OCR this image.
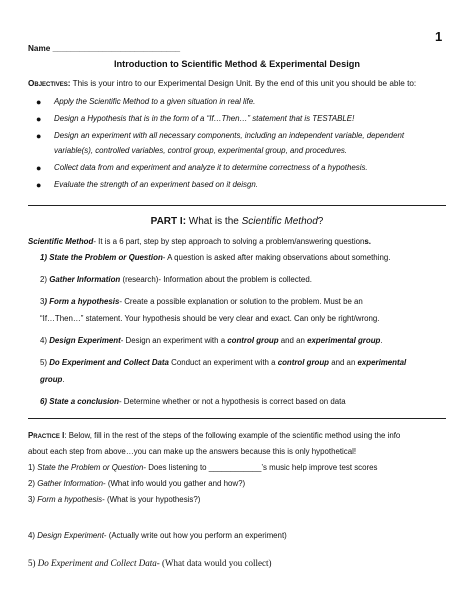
1
Name ____________________________
Introduction to Scientific Method & Experimental Design
Objectives: This is your intro to our Experimental Design Unit. By the end of this unit you should be able to:
● Apply the Scientific Method to a given situation in real life.
● Design a Hypothesis that is in the form of a “If…Then…” statement that is TESTABLE!
● Design an experiment with all necessary components, including an independent variable, dependent
variable(s), controlled variables, control group, experimental group, and procedures.
● Collect data from and experiment and analyze it to determine correctness of a hypothesis.
● Evaluate the strength of an experiment based on it deisgn.
PART I: What is the Scientific Method?
Scientific Method- It is a 6 part, step by step approach to solving a problem/answering questions.
1) State the Problem or Question- A question is asked after making observations about something.
2) Gather Information (research)- Information about the problem is collected.
3) Form a hypothesis- Create a possible explanation or solution to the problem. Must be an
“If…Then…” statement. Your hypothesis should be very clear and exact. Can only be right/wrong.
4) Design Experiment- Design an experiment with a control group and an experimental group.
5) Do Experiment and Collect Data Conduct an experiment with a control group and an experimental
group.
6) State a conclusion- Determine whether or not a hypothesis is correct based on data
Practice I: Below, fill in the rest of the steps of the following example of the scientific method using the info
about each step from above…you can make up the answers because this is only hypothetical!
1) State the Problem or Question- Does listening to ____________’s music help improve test scores
2) Gather Information- (What info would you gather and how?)
3) Form a hypothesis- (What is your hypothesis?)
4) Design Experiment- (Actually write out how you perform an experiment)
5) Do Experiment and Collect Data- (What data would you collect)
